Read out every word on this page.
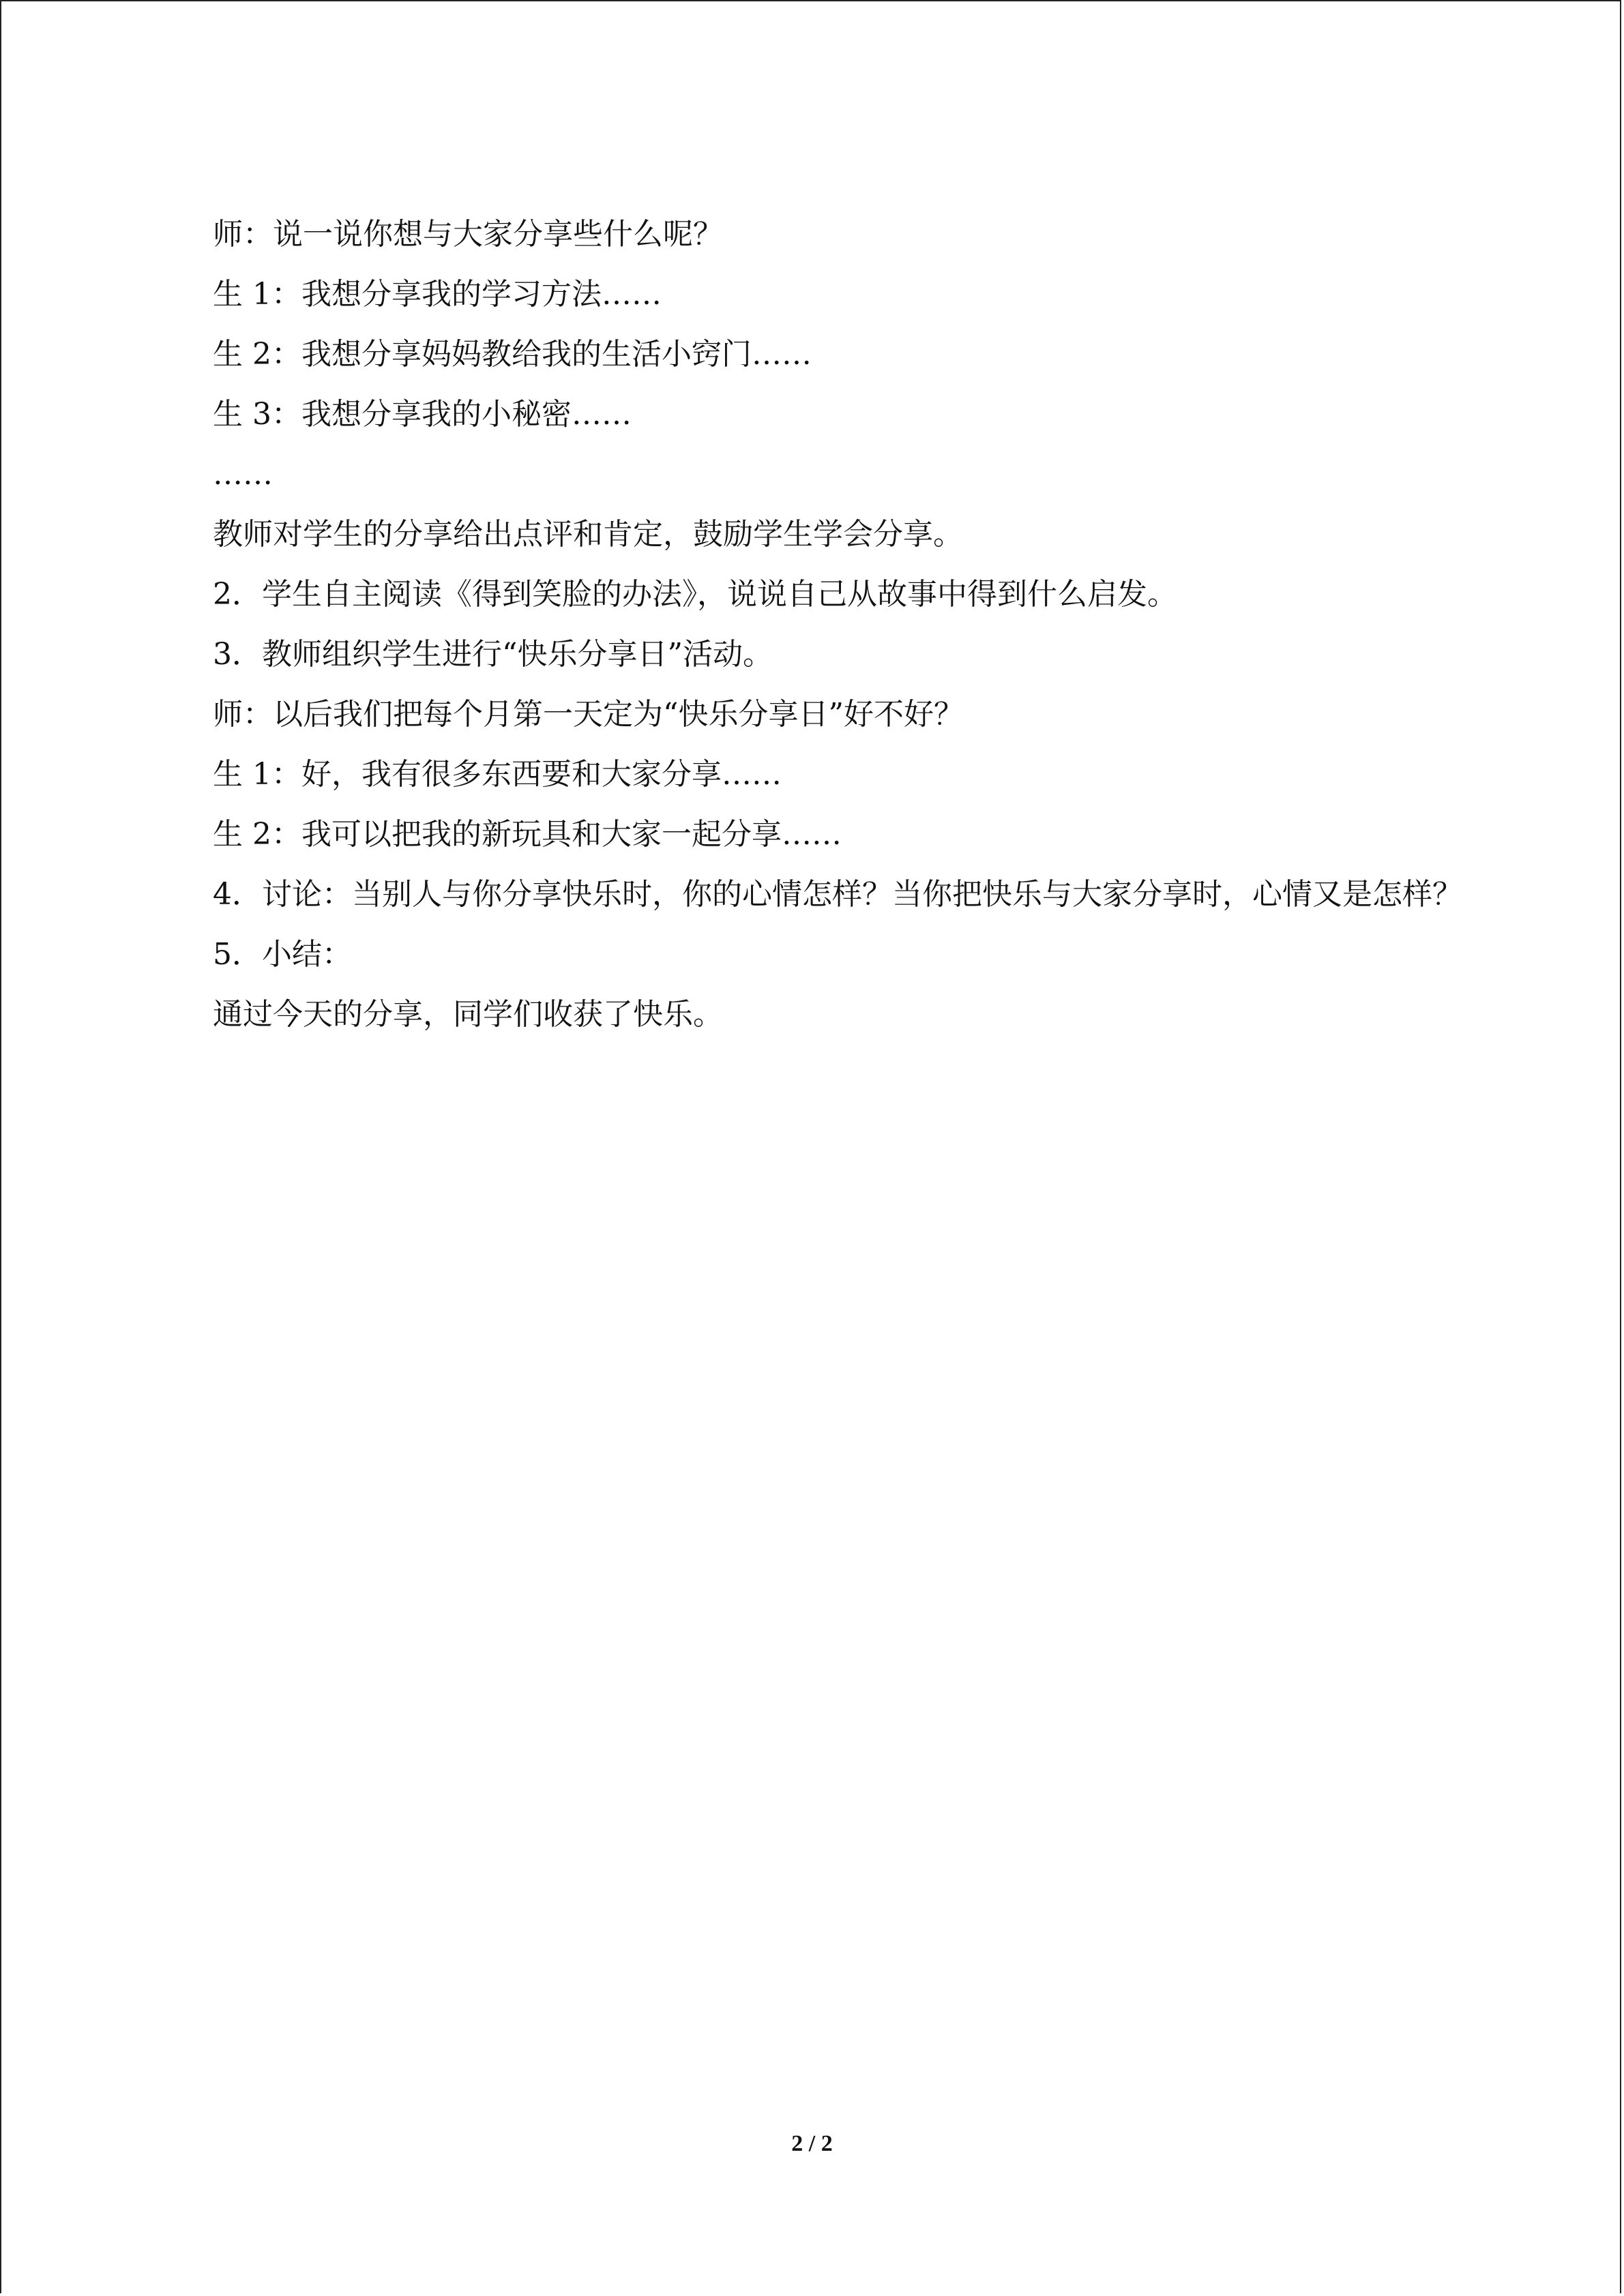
师：说一说你想与大家分享些什么呢？

生 1：我想分享我的学习方法……

生 2：我想分享妈妈教给我的生活小窍门……

生 3：我想分享我的小秘密……

……

教师对学生的分享给出点评和肯定，鼓励学生学会分享。

2．学生自主阅读《得到笑脸的办法》，说说自己从故事中得到什么启发。

3．教师组织学生进行“快乐分享日”活动。

师：以后我们把每个月第一天定为“快乐分享日”好不好？

生 1：好，我有很多东西要和大家分享……

生 2：我可以把我的新玩具和大家一起分享……

4．讨论：当别人与你分享快乐时，你的心情怎样？当你把快乐与大家分享时，心情又是怎样？

5．小结：

通过今天的分享，同学们收获了快乐。

2 / 2
